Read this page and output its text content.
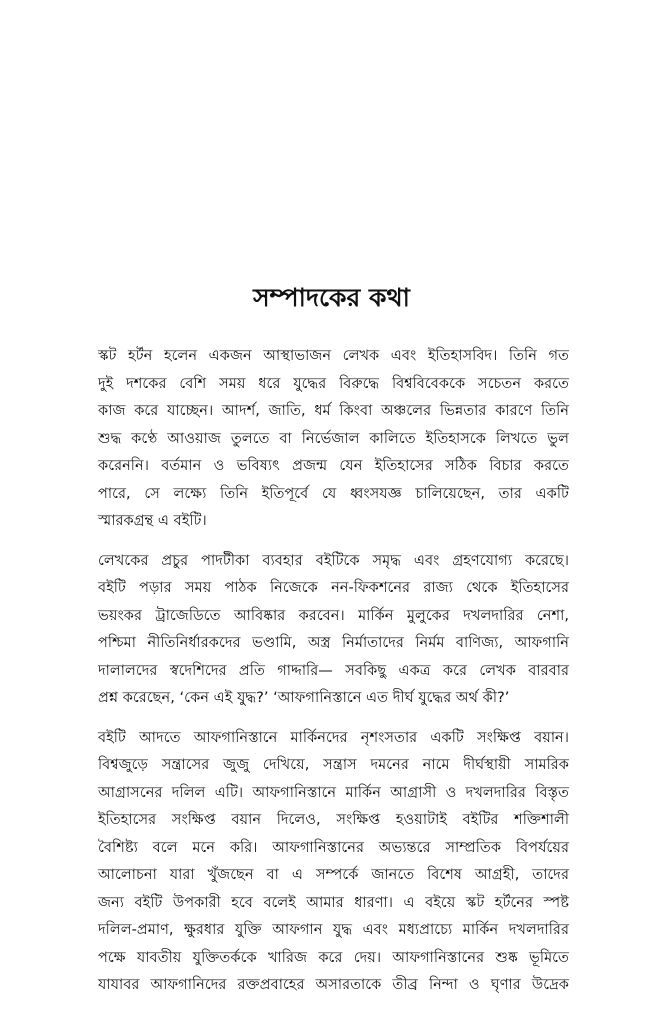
সম্পাদকের কথা

স্কট হর্টন হলেন একজন আস্থাভাজন লেখক এবং ইতিহাসবিদ। তিনি গত
দুই দশকের বেশি সময় ধরে যুদ্ধের বিরুদ্ধে বিশ্ববিবেককে সচেতন করতে
কাজ করে যাচ্ছেন। আদর্শ, জাতি, ধর্ম কিংবা অঞ্চলের ভিন্নতার কারণে তিনি
শুদ্ধ কণ্ঠে আওয়াজ তুলতে বা নির্ভেজাল কালিতে ইতিহাসকে লিখতে ভুল
করেননি। বর্তমান ও ভবিষ্যৎ প্রজন্ম যেন ইতিহাসের সঠিক বিচার করতে
পারে, সে লক্ষ্যে তিনি ইতিপূর্বে যে ধ্বংসযজ্ঞ চালিয়েছেন, তার একটি
স্মারকগ্রন্থ এ বইটি।

লেখকের প্রচুর পাদটীকা ব্যবহার বইটিকে সমৃদ্ধ এবং গ্রহণযোগ্য করেছে।
বইটি পড়ার সময় পাঠক নিজেকে নন-ফিকশনের রাজ্য থেকে ইতিহাসের
ভয়ংকর ট্রাজেডিতে আবিষ্কার করবেন। মার্কিন মুলুকের দখলদারির নেশা,
পশ্চিমা নীতিনির্ধারকদের ভণ্ডামি, অস্ত্র নির্মাতাদের নির্মম বাণিজ্য, আফগানি
দালালদের স্বদেশিদের প্রতি গাদ্দারি— সবকিছু একত্র করে লেখক বারবার
প্রশ্ন করেছেন, ‘কেন এই যুদ্ধ?’ ‘আফগানিস্তানে এত দীর্ঘ যুদ্ধের অর্থ কী?’

বইটি আদতে আফগানিস্তানে মার্কিনদের নৃশংসতার একটি সংক্ষিপ্ত বয়ান।
বিশ্বজুড়ে সন্ত্রাসের জুজু দেখিয়ে, সন্ত্রাস দমনের নামে দীর্ঘস্থায়ী সামরিক
আগ্রাসনের দলিল এটি। আফগানিস্তানে মার্কিন আগ্রাসী ও দখলদারির বিস্তৃত
ইতিহাসের সংক্ষিপ্ত বয়ান দিলেও, সংক্ষিপ্ত হওয়াটাই বইটির শক্তিশালী
বৈশিষ্ট্য বলে মনে করি। আফগানিস্তানের অভ্যন্তরে সাম্প্রতিক বিপর্যয়ের
আলোচনা যারা খুঁজছেন বা এ সম্পর্কে জানতে বিশেষ আগ্রহী, তাদের
জন্য বইটি উপকারী হবে বলেই আমার ধারণা। এ বইয়ে স্কট হর্টনের স্পষ্ট
দলিল-প্রমাণ, ক্ষুরধার যুক্তি আফগান যুদ্ধ এবং মধ্যপ্রাচ্যে মার্কিন দখলদারির
পক্ষে যাবতীয় যুক্তিতর্ককে খারিজ করে দেয়। আফগানিস্তানের শুষ্ক ভূমিতে
যাযাবর আফগানিদের রক্তপ্রবাহের অসারতাকে তীব্র নিন্দা ও ঘৃণার উদ্রেক
